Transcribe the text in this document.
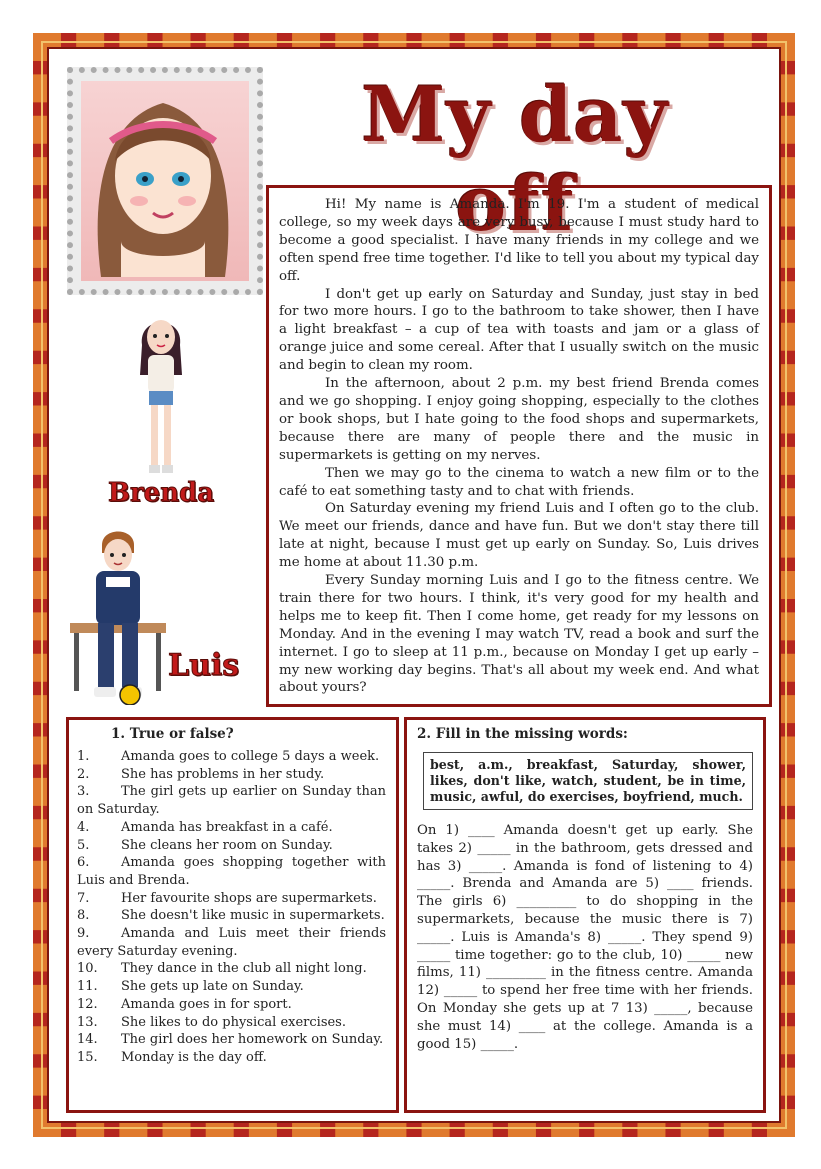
My day off

Hi! My name is Amanda. I'm 19. I'm a student of medical college, so my week days are very busy, because I must study hard to become a good specialist. I have many friends in my college and we often spend free time together. I'd like to tell you about my typical day off.

I don't get up early on Saturday and Sunday, just stay in bed for two more hours. I go to the bathroom to take shower, then I have a light breakfast – a cup of tea with toasts and jam or a glass of orange juice and some cereal. After that I usually switch on the music and begin to clean my room.

In the afternoon, about 2 p.m. my best friend Brenda comes and we go shopping. I enjoy going shopping, especially to the clothes or book shops, but I hate going to the food shops and supermarkets, because there are many of people there and the music in supermarkets is getting on my nerves.

Then we may go to the cinema to watch a new film or to the café to eat something tasty and to chat with friends.

On Saturday evening my friend Luis and I often go to the club. We meet our friends, dance and have fun. But we don't stay there till late at night, because I must get up early on Sunday. So, Luis drives me home at about 11.30 p.m.

Every Sunday morning Luis and I go to the fitness centre. We train there for two hours. I think, it's very good for my health and helps me to keep fit. Then I come home, get ready for my lessons on Monday. And in the evening I may watch TV, read a book and surf the internet. I go to sleep at 11 p.m., because on Monday I get up early – my new working day begins. That's all about my week end. And what about yours?

Brenda
Luis
1. True or false?
1. Amanda goes to college 5 days a week.
2. She has problems in her study.
3. The girl gets up earlier on Sunday than on Saturday.
4. Amanda has breakfast in a café.
5. She cleans her room on Sunday.
6. Amanda goes shopping together with Luis and Brenda.
7. Her favourite shops are supermarkets.
8. She doesn't like music in supermarkets.
9. Amanda and Luis meet their friends every Saturday evening.
10. They dance in the club all night long.
11. She gets up late on Sunday.
12. Amanda goes in for sport.
13. She likes to do physical exercises.
14. The girl does her homework on Sunday.
15. Monday is the day off.
2. Fill in the missing words:
best, a.m., breakfast, Saturday, shower, likes, don't like, watch, student, be in time, music, awful, do exercises, boyfriend, much.

On 1) ____ Amanda doesn't get up early. She takes 2) _____ in the bathroom, gets dressed and has 3) _____. Amanda is fond of listening to 4) _____. Brenda and Amanda are 5) ____ friends. The girls 6) _________ to do shopping in the supermarkets, because the music there is 7) _____. Luis is Amanda's 8) _____. They spend 9) _____ time together: go to the club, 10) _____ new films, 11) _________ in the fitness centre. Amanda 12) _____ to spend her free time with her friends. On Monday she gets up at 7 13) _____, because she must 14) ____ at the college. Amanda is a good 15) _____.
